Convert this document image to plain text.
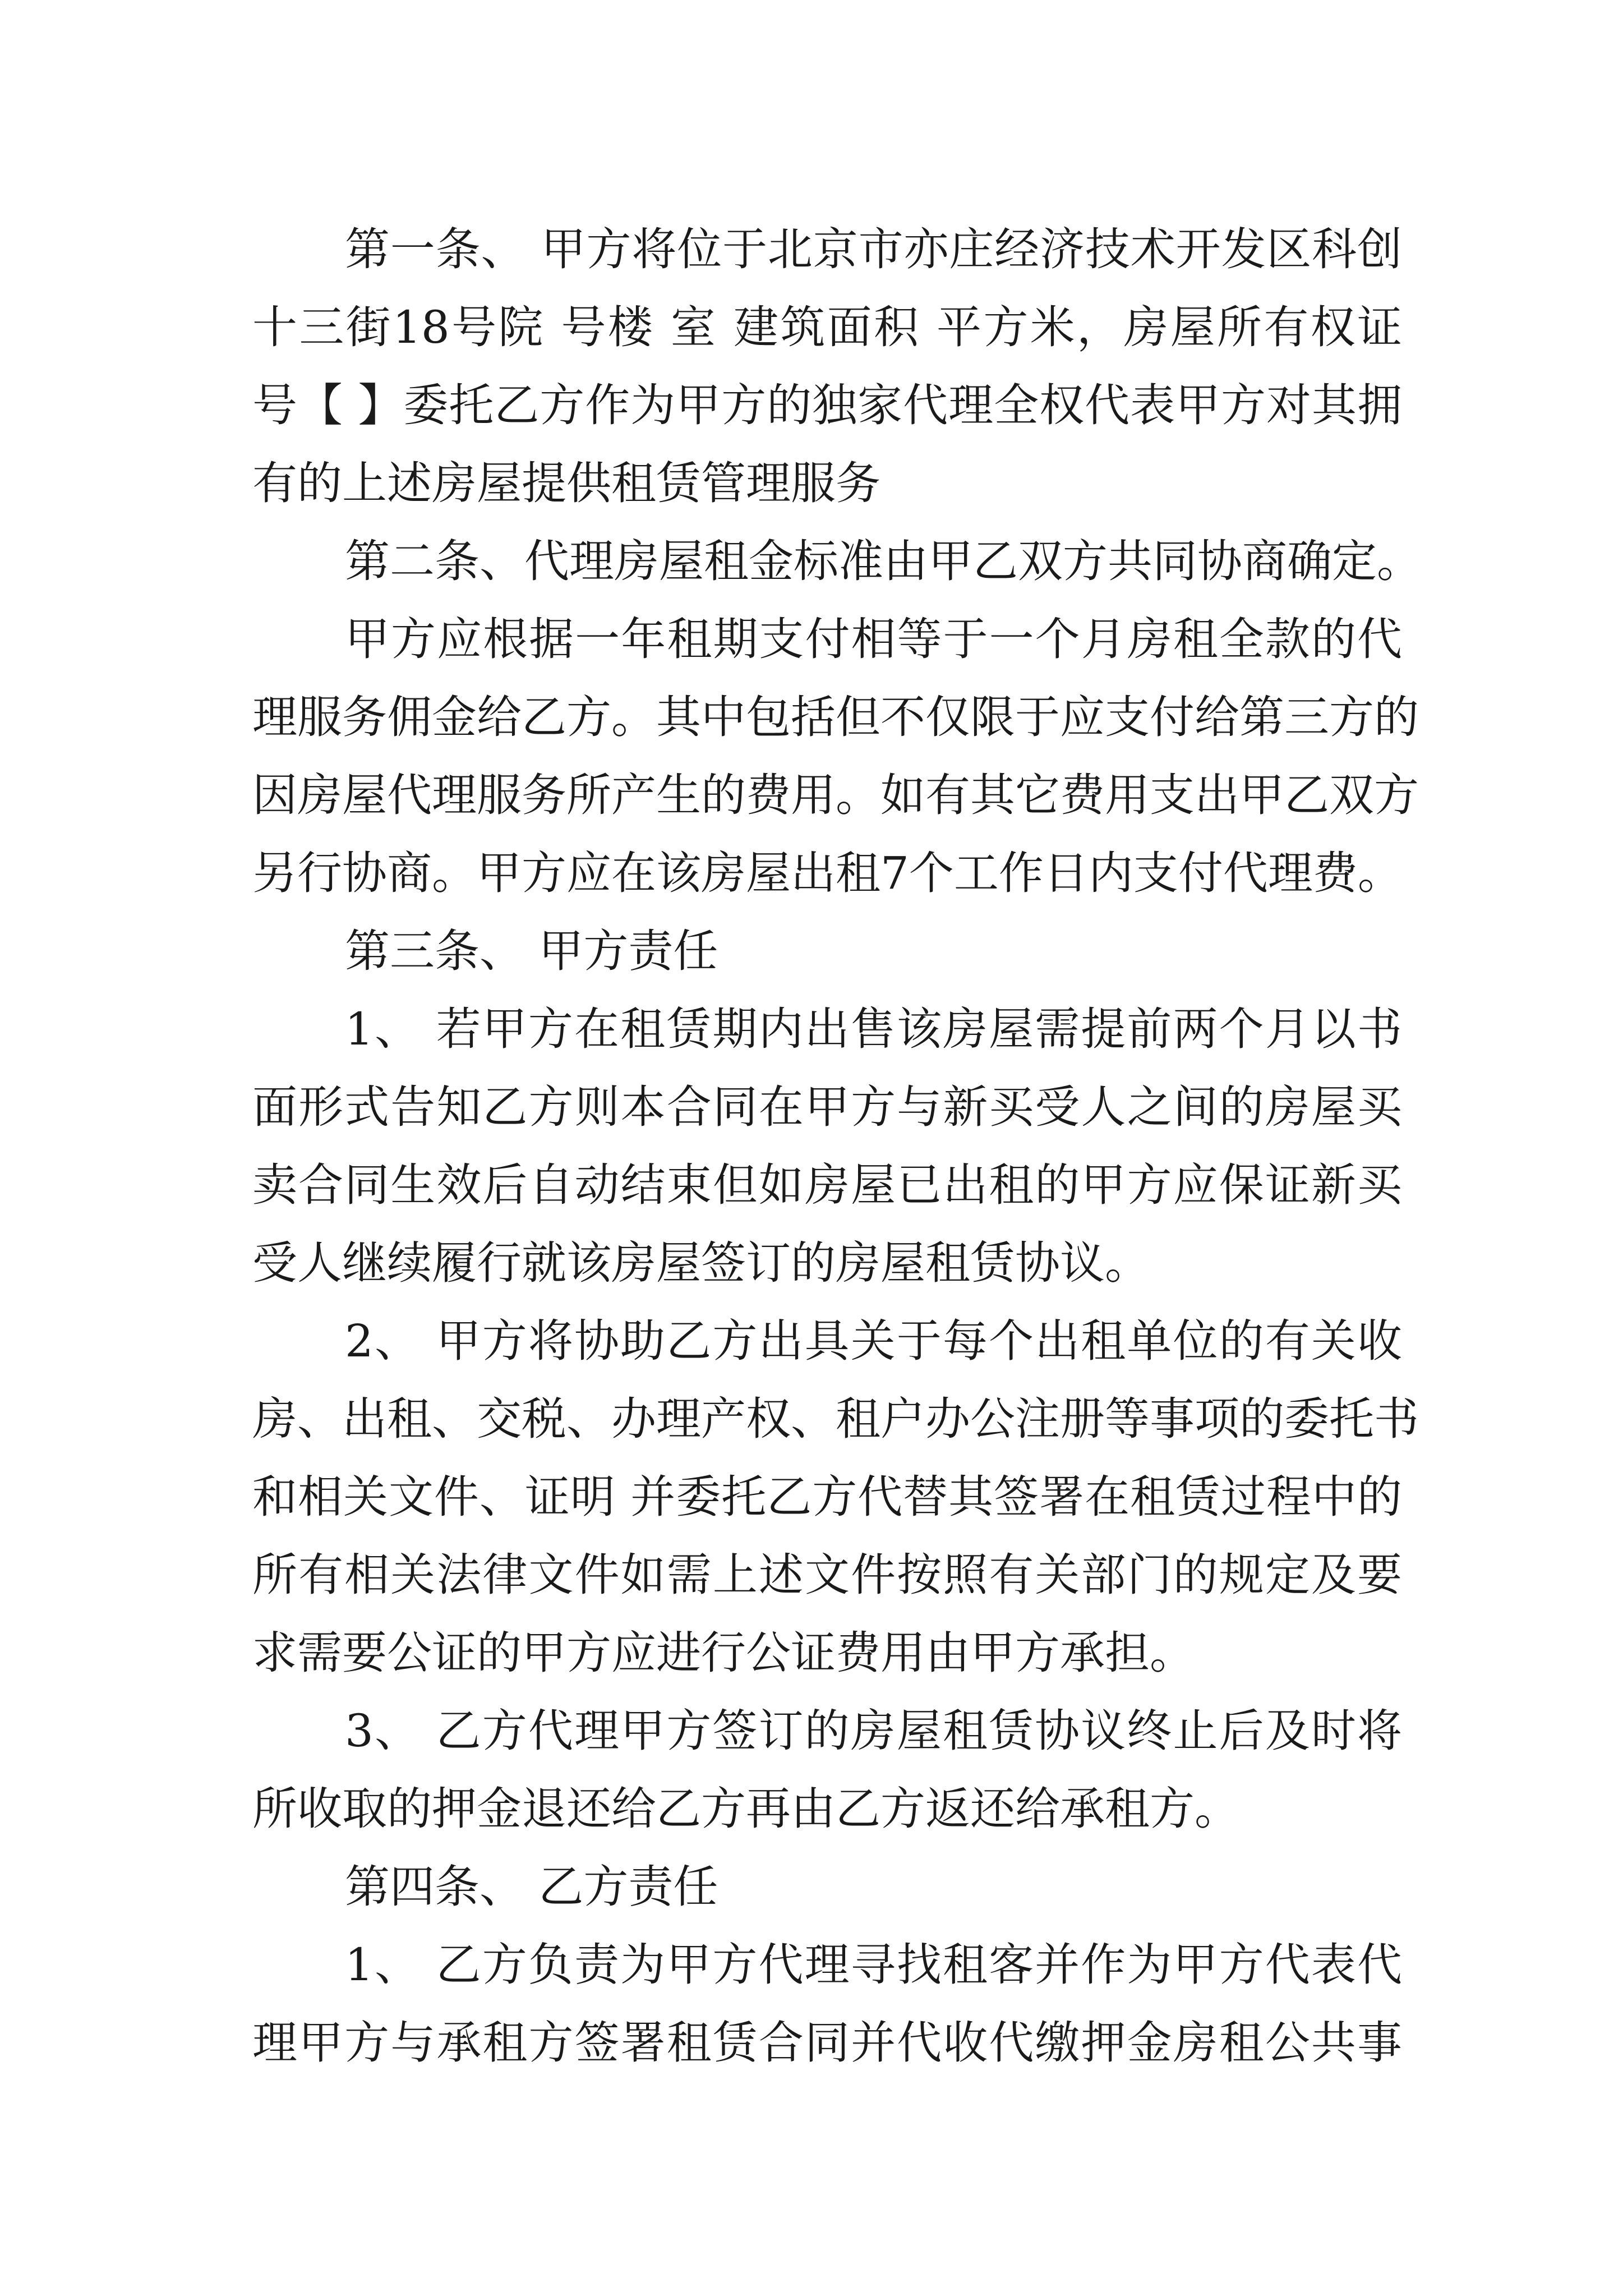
第一条、 甲方将位于北京市亦庄经济技术开发区科创
十三街18号院 号楼 室 建筑面积 平方米，房屋所有权证
号【 】委托乙方作为甲方的独家代理全权代表甲方对其拥
有的上述房屋提供租赁管理服务
第二条、代理房屋租金标准由甲乙双方共同协商确定。
甲方应根据一年租期支付相等于一个月房租全款的代
理服务佣金给乙方。其中包括但不仅限于应支付给第三方的
因房屋代理服务所产生的费用。如有其它费用支出甲乙双方
另行协商。甲方应在该房屋出租7个工作日内支付代理费。
第三条、 甲方责任
1、 若甲方在租赁期内出售该房屋需提前两个月以书
面形式告知乙方则本合同在甲方与新买受人之间的房屋买
卖合同生效后自动结束但如房屋已出租的甲方应保证新买
受人继续履行就该房屋签订的房屋租赁协议。
2、 甲方将协助乙方出具关于每个出租单位的有关收
房、出租、交税、办理产权、租户办公注册等事项的委托书
和相关文件、证明 并委托乙方代替其签署在租赁过程中的
所有相关法律文件如需上述文件按照有关部门的规定及要
求需要公证的甲方应进行公证费用由甲方承担。
3、 乙方代理甲方签订的房屋租赁协议终止后及时将
所收取的押金退还给乙方再由乙方返还给承租方。
第四条、 乙方责任
1、 乙方负责为甲方代理寻找租客并作为甲方代表代
理甲方与承租方签署租赁合同并代收代缴押金房租公共事
